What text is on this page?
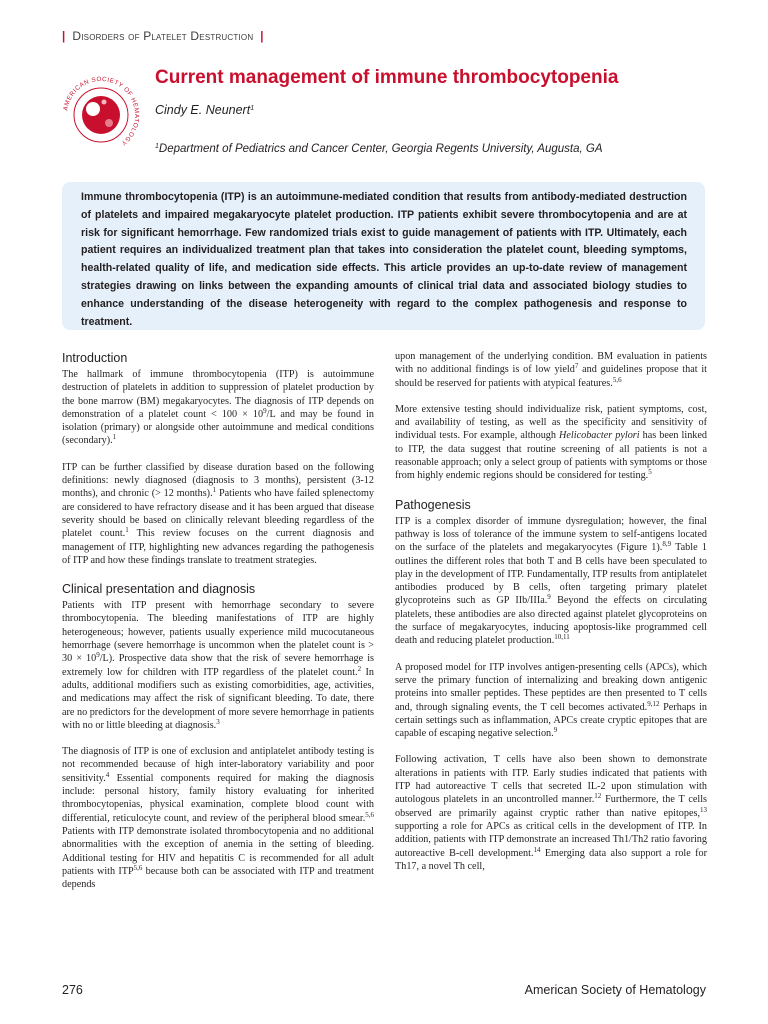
| Disorders of Platelet Destruction |
AMERICAN SOCIETY OF HEMATOLOGY
Current management of immune thrombocytopenia
Cindy E. Neunert$^1$
$^1$Department of Pediatrics and Cancer Center, Georgia Regents University, Augusta, GA

Immune thrombocytopenia (ITP) is an autoimmune-mediated condition that results from antibody-mediated destruction of platelets and impaired megakaryocyte platelet production. ITP patients exhibit severe thrombocytopenia and are at risk for significant hemorrhage. Few randomized trials exist to guide management of patients with ITP. Ultimately, each patient requires an individualized treatment plan that takes into consideration the platelet count, bleeding symptoms, health-related quality of life, and medication side effects. This article provides an up-to-date review of management strategies drawing on links between the expanding amounts of clinical trial data and associated biology studies to enhance understanding of the disease heterogeneity with regard to the complex pathogenesis and response to treatment.

Introduction

The hallmark of immune thrombocytopenia (ITP) is autoimmune destruction of platelets in addition to suppression of platelet production by the bone marrow (BM) megakaryocytes. The diagnosis of ITP depends on demonstration of a platelet count < $100 \times 10^9/L$ and may be found in isolation (primary) or alongside other autoimmune and medical conditions (secondary).$^1$

ITP can be further classified by disease duration based on the following definitions: newly diagnosed (diagnosis to 3 months), persistent (3-12 months), and chronic (> 12 months).$^1$ Patients who have failed splenectomy are considered to have refractory disease and it has been argued that disease severity should be based on clinically relevant bleeding regardless of the platelet count.$^1$ This review focuses on the current diagnosis and management of ITP, highlighting new advances regarding the pathogenesis of ITP and how these findings translate to treatment strategies.

Clinical presentation and diagnosis

Patients with ITP present with hemorrhage secondary to severe thrombocytopenia. The bleeding manifestations of ITP are highly heterogeneous; however, patients usually experience mild mucocutaneous hemorrhage (severe hemorrhage is uncommon when the platelet count is > $30 \times 10^9/L$). Prospective data show that the risk of severe hemorrhage is extremely low for children with ITP regardless of the platelet count.$^2$ In adults, additional modifiers such as existing comorbidities, age, activities, and medications may affect the risk of significant bleeding. To date, there are no predictors for the development of more severe hemorrhage in patients with no or little bleeding at diagnosis.$^3$

The diagnosis of ITP is one of exclusion and antiplatelet antibody testing is not recommended because of high inter-laboratory variability and poor sensitivity.$^4$ Essential components required for making the diagnosis include: personal history, family history evaluating for inherited thrombocytopenias, physical examination, complete blood count with differential, reticulocyte count, and review of the peripheral blood smear.$^{5,6}$ Patients with ITP demonstrate isolated thrombocytopenia and no additional abnormalities with the exception of anemia in the setting of bleeding. Additional testing for HIV and hepatitis C is recommended for all adult patients with ITP$^{5,6}$ because both can be associated with ITP and treatment depends

upon management of the underlying condition. BM evaluation in patients with no additional findings is of low yield$^7$ and guidelines propose that it should be reserved for patients with atypical features.$^{5,6}$

More extensive testing should individualize risk, patient symptoms, cost, and availability of testing, as well as the specificity and sensitivity of individual tests. For example, although Helicobacter pylori has been linked to ITP, the data suggest that routine screening of all patients is not a reasonable approach; only a select group of patients with symptoms or those from highly endemic regions should be considered for testing.$^5$

Pathogenesis

ITP is a complex disorder of immune dysregulation; however, the final pathway is loss of tolerance of the immune system to self-antigens located on the surface of the platelets and megakaryocytes (Figure 1).$^{8,9}$ Table 1 outlines the different roles that both T and B cells have been speculated to play in the development of ITP. Fundamentally, ITP results from antiplatelet antibodies produced by B cells, often targeting primary platelet glycoproteins such as GP IIb/IIIa.$^9$ Beyond the effects on circulating platelets, these antibodies are also directed against platelet glycoproteins on the surface of megakaryocytes, inducing apoptosis-like programmed cell death and reducing platelet production.$^{10,11}$

A proposed model for ITP involves antigen-presenting cells (APCs), which serve the primary function of internalizing and breaking down antigenic proteins into smaller peptides. These peptides are then presented to T cells and, through signaling events, the T cell becomes activated.$^{9,12}$ Perhaps in certain settings such as inflammation, APCs create cryptic epitopes that are capable of escaping negative selection.$^9$

Following activation, T cells have also been shown to demonstrate alterations in patients with ITP. Early studies indicated that patients with ITP had autoreactive T cells that secreted IL-2 upon stimulation with autologous platelets in an uncontrolled manner.$^{12}$ Furthermore, the T cells observed are primarily against cryptic rather than native epitopes,$^{13}$ supporting a role for APCs as critical cells in the development of ITP. In addition, patients with ITP demonstrate an increased Th1/Th2 ratio favoring autoreactive B-cell development.$^{14}$ Emerging data also support a role for Th17, a novel Th cell,

276	American Society of Hematology
